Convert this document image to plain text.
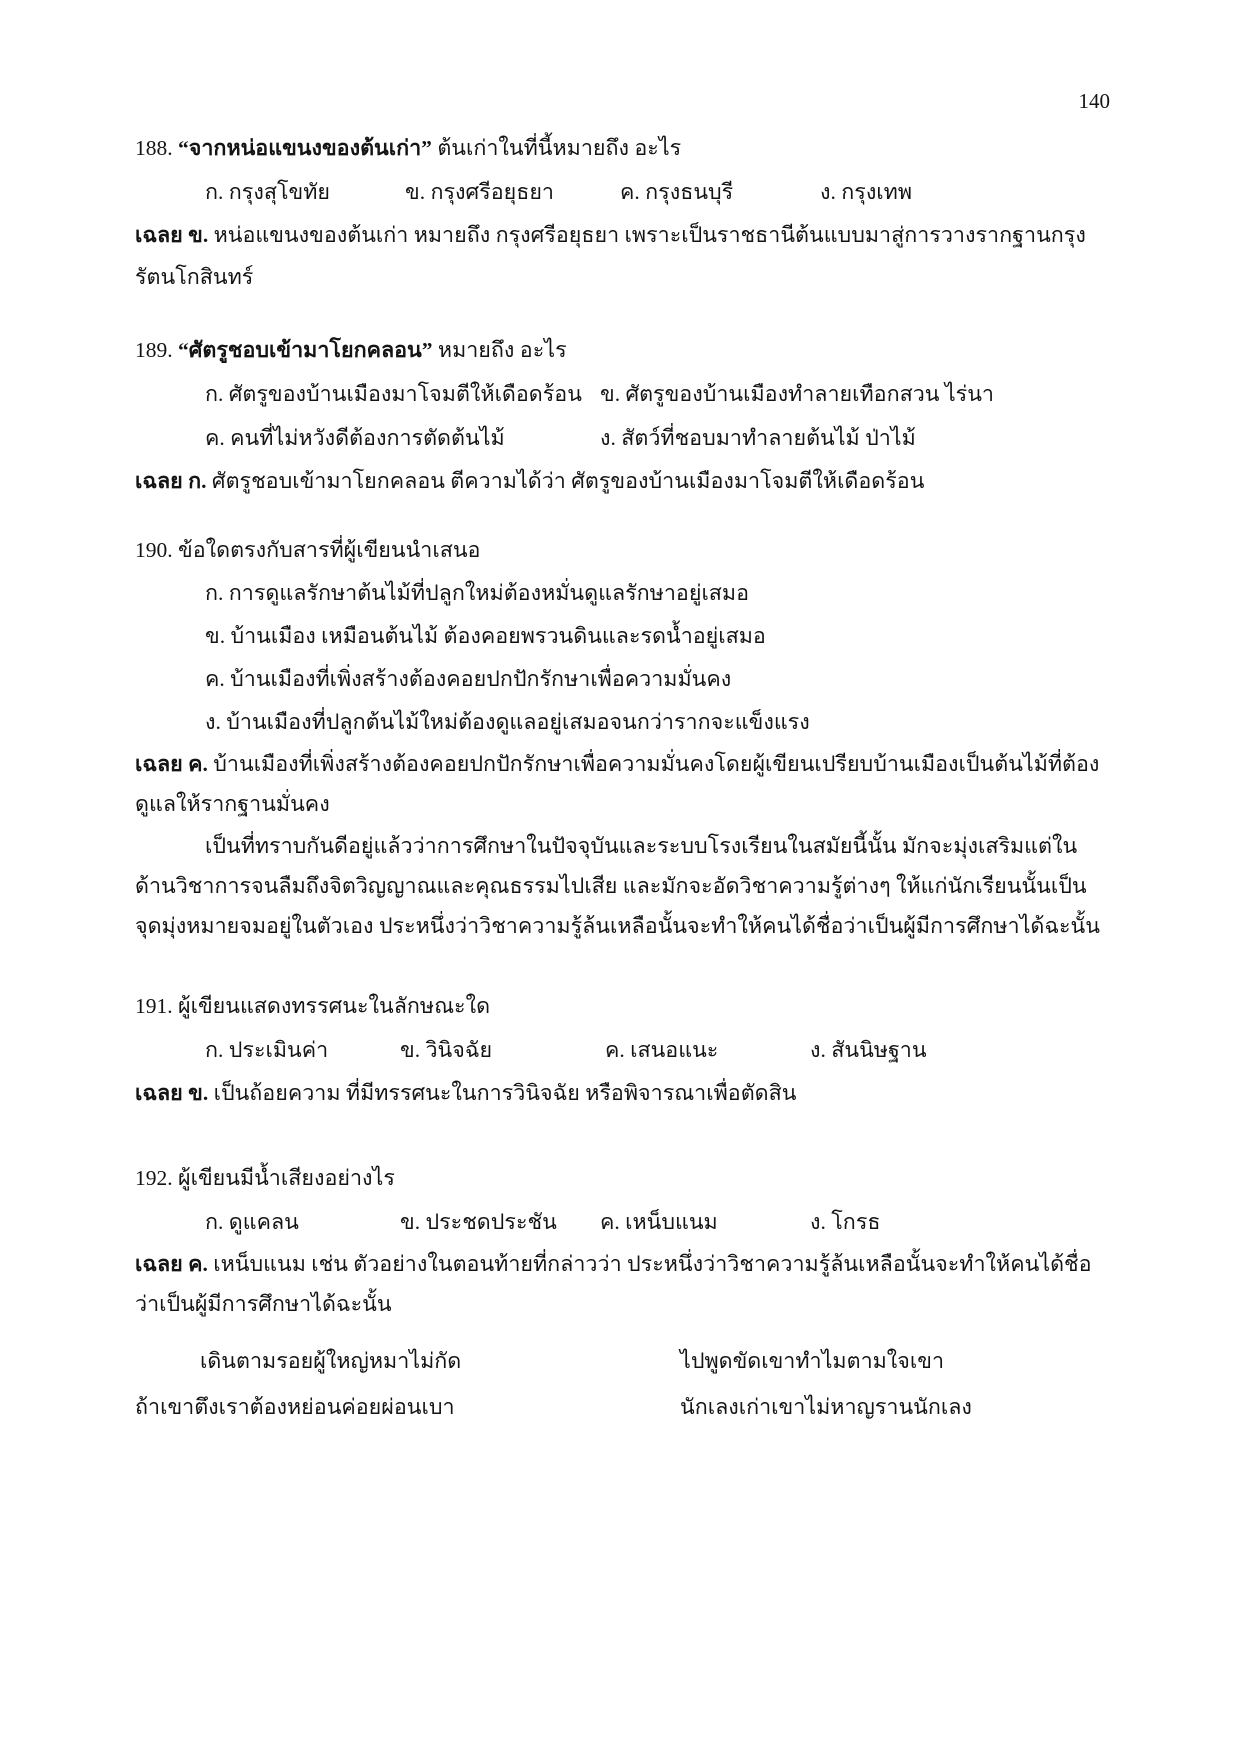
140
188. “จากหน่อแขนงของต้นเก่า” ต้นเก่าในที่นี้หมายถึง อะไร
ก. กรุงสุโขทัย	ข. กรุงศรีอยุธยา	ค. กรุงธนบุรี	ง. กรุงเทพ
เฉลย ข. หน่อแขนงของต้นเก่า หมายถึง กรุงศรีอยุธยา เพราะเป็นราชธานีต้นแบบมาสู่การวางรากฐานกรุงรัตนโกสินทร์
189. “ศัตรูชอบเข้ามาโยกคลอน” หมายถึง อะไร
ก. ศัตรูของบ้านเมืองมาโจมตีให้เดือดร้อน ข. ศัตรูของบ้านเมืองทำลายเทือกสวน ไร่นา
ค. คนที่ไม่หวังดีต้องการตัดต้นไม้	ง. สัตว์ที่ชอบมาทำลายต้นไม้ ป่าไม้
เฉลย ก. ศัตรูชอบเข้ามาโยกคลอน ตีความได้ว่า ศัตรูของบ้านเมืองมาโจมตีให้เดือดร้อน
190. ข้อใดตรงกับสารที่ผู้เขียนนำเสนอ
ก. การดูแลรักษาต้นไม้ที่ปลูกใหม่ต้องหมั่นดูแลรักษาอยู่เสมอ
ข. บ้านเมือง เหมือนต้นไม้ ต้องคอยพรวนดินและรดน้ำอยู่เสมอ
ค. บ้านเมืองที่เพิ่งสร้างต้องคอยปกปักรักษาเพื่อความมั่นคง
ง. บ้านเมืองที่ปลูกต้นไม้ใหม่ต้องดูแลอยู่เสมอจนกว่ารากจะแข็งแรง
เฉลย ค. บ้านเมืองที่เพิ่งสร้างต้องคอยปกปักรักษาเพื่อความมั่นคงโดยผู้เขียนเปรียบบ้านเมืองเป็นต้นไม้ที่ต้องดูแลให้รากฐานมั่นคง
เป็นที่ทราบกันดีอยู่แล้วว่าการศึกษาในปัจจุบันและระบบโรงเรียนในสมัยนี้นั้น มักจะมุ่งเสริมแต่ในด้านวิชาการจนลืมถึงจิตวิญญาณและคุณธรรมไปเสีย และมักจะอัดวิชาความรู้ต่างๆ ให้แก่นักเรียนนั้นเป็นจุดมุ่งหมายจมอยู่ในตัวเอง ประหนึ่งว่าวิชาความรู้ล้นเหลือนั้นจะทำให้คนได้ชื่อว่าเป็นผู้มีการศึกษาได้ฉะนั้น
191. ผู้เขียนแสดงทรรศนะในลักษณะใด
ก. ประเมินค่า	ข. วินิจฉัย	ค. เสนอแนะ	ง. สันนิษฐาน
เฉลย ข. เป็นถ้อยความ ที่มีทรรศนะในการวินิจฉัย หรือพิจารณาเพื่อตัดสิน
192. ผู้เขียนมีน้ำเสียงอย่างไร
ก. ดูแคลน	ข. ประชดประชัน	ค. เหน็บแนม	ง. โกรธ
เฉลย ค. เหน็บแนม เช่น ตัวอย่างในตอนท้ายที่กล่าวว่า ประหนึ่งว่าวิชาความรู้ล้นเหลือนั้นจะทำให้คนได้ชื่อว่าเป็นผู้มีการศึกษาได้ฉะนั้น
เดินตามรอยผู้ใหญ่หมาไม่กัด	ไปพูดขัดเขาทำไมตามใจเขา
ถ้าเขาตึงเราต้องหย่อนค่อยผ่อนเบา	นักเลงเก่าเขาไม่หาญรานนักเลง
